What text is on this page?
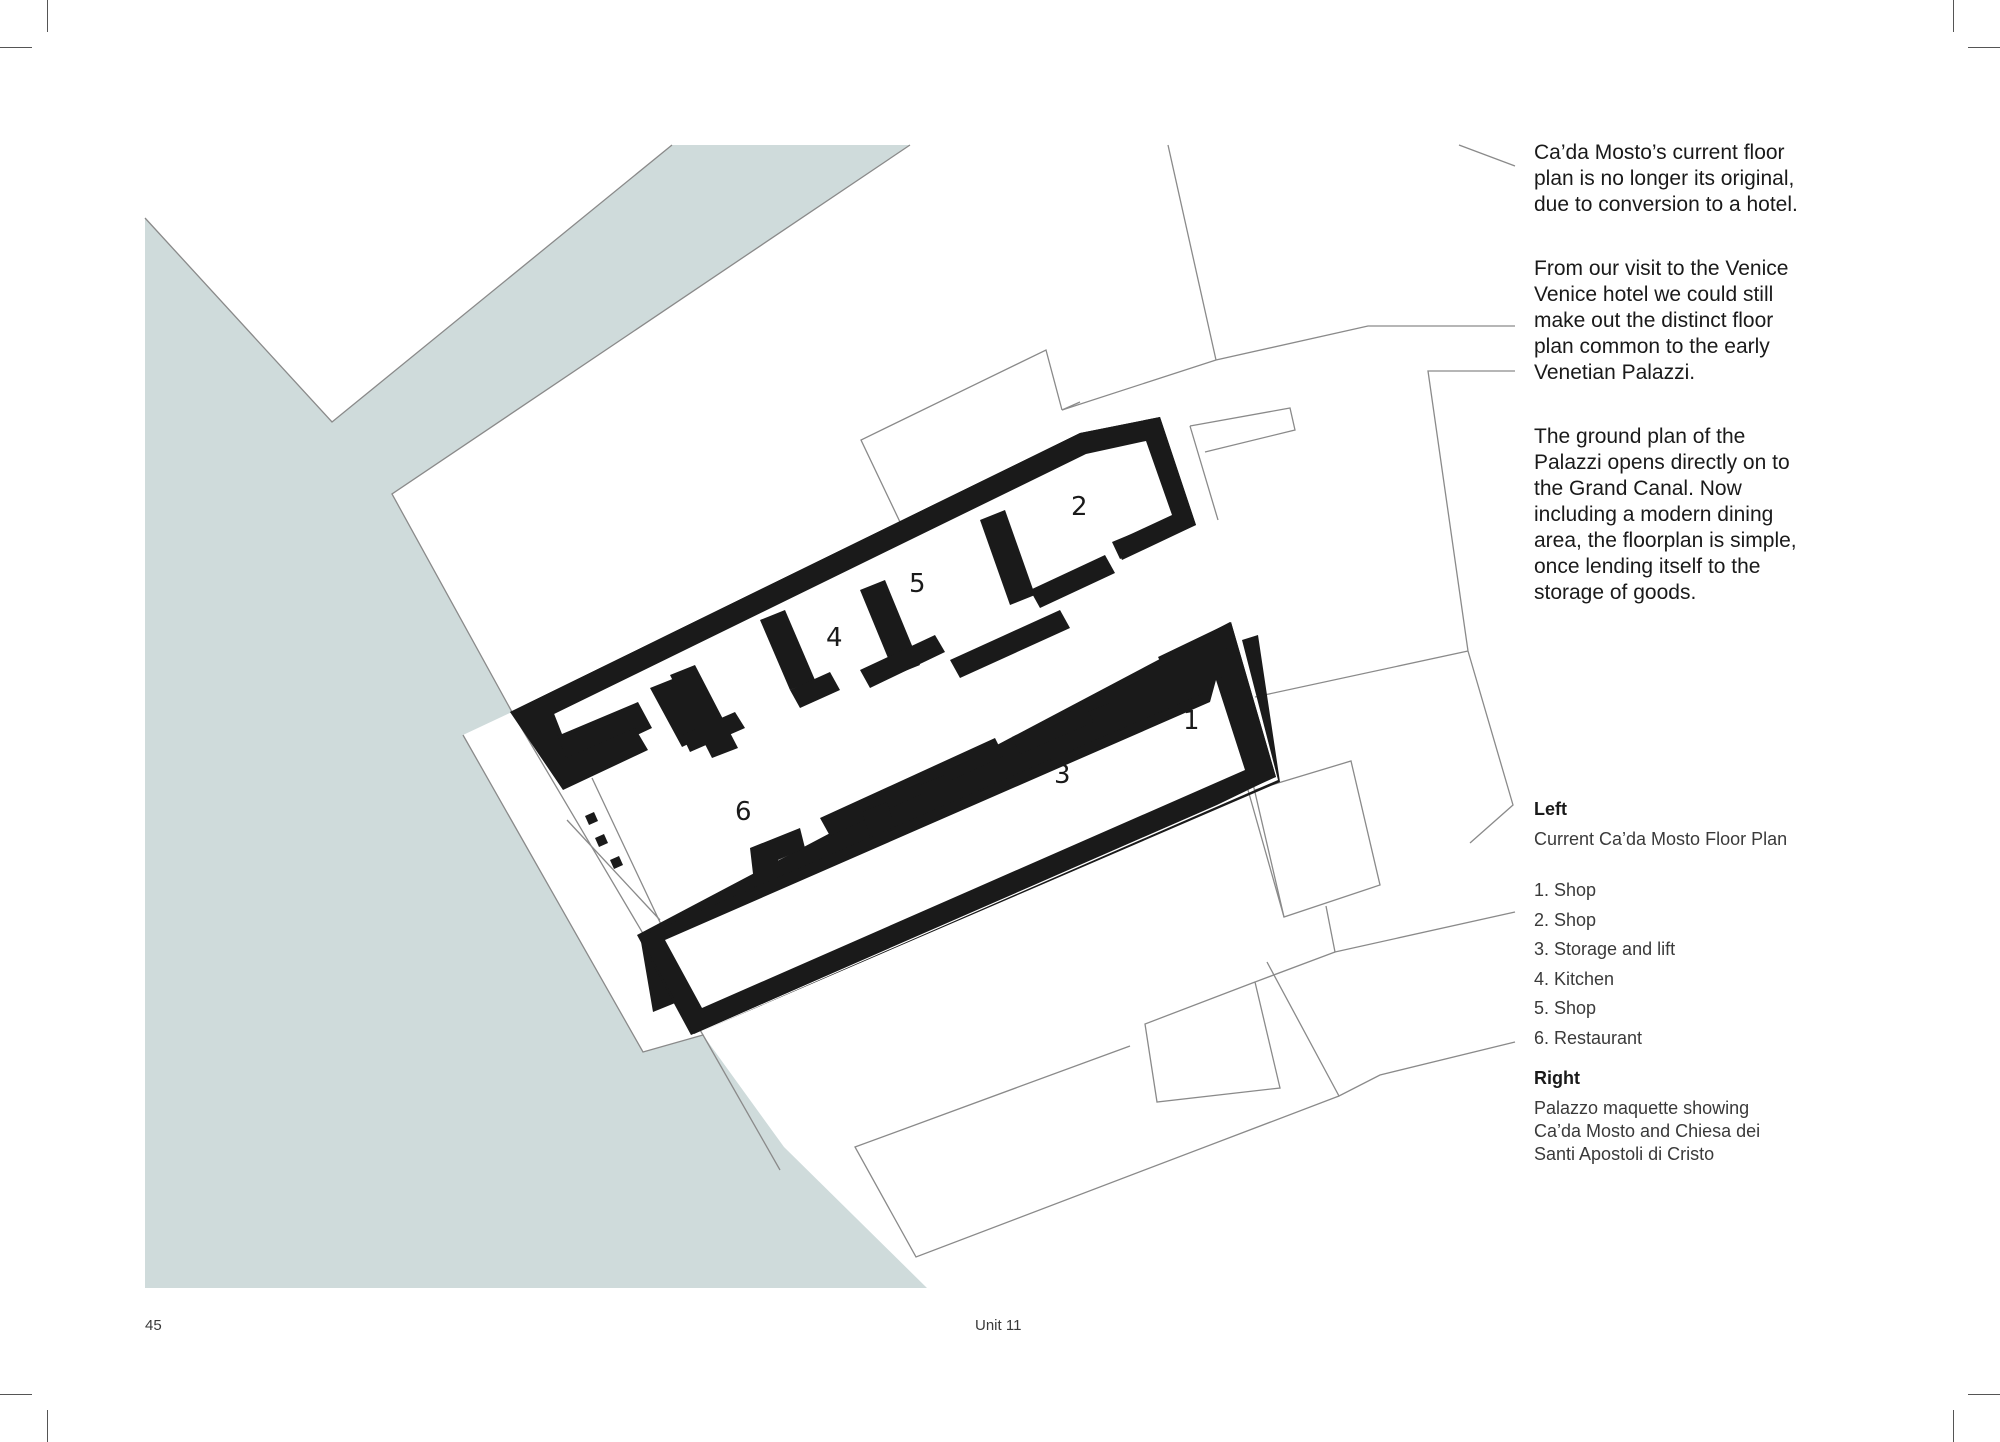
1
2
3
4
5
6

Ca’da Mosto’s current floor plan is no longer its original, due to conversion to a hotel.

From our visit to the Venice Venice hotel we could still make out the distinct floor plan common to the early Venetian Palazzi.

The ground plan of the Palazzi opens directly on to the Grand Canal. Now including a modern dining area, the floorplan is simple, once lending itself to the storage of goods.

Left

Current Ca’da Mosto Floor Plan

1. Shop
2. Shop
3. Storage and lift
4. Kitchen
5. Shop
6. Restaurant

Right

Palazzo maquette showing Ca’da Mosto and Chiesa dei Santi Apostoli di Cristo

45	Unit 11
